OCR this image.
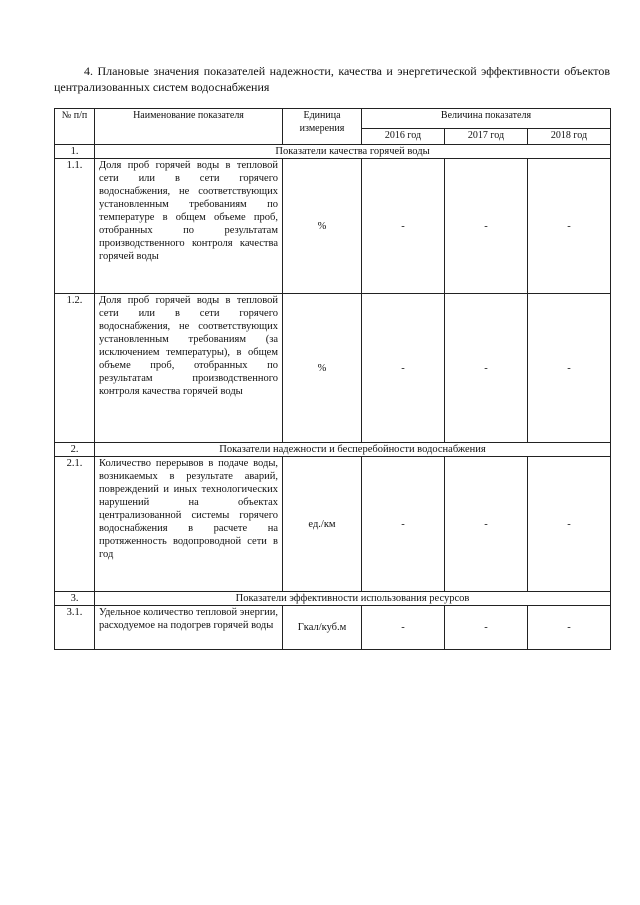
4. Плановые значения показателей надежности, качества и энергетической эффективности объектов централизованных систем водоснабжения
№ п/п	Наименование показателя	Единица измерения	Величина показателя		
			2016 год	2017 год	2018 год
1.	Показатели качества горячей воды				
1.1.	Доля проб горячей воды в тепловой сети или в сети горячего водоснабжения, не соответствующих установленным требованиям по температуре в общем объеме проб, отобранных по результатам производственного контроля качества горячей воды	%	-	-	-
1.2.	Доля проб горячей воды в тепловой сети или в сети горячего водоснабжения, не соответствующих установленным требованиям (за исключением температуры), в общем объеме проб, отобранных по результатам производственного контроля качества горячей воды	%	-	-	-
2.	Показатели надежности и бесперебойности водоснабжения				
2.1.	Количество перерывов в подаче воды, возникаемых в результате аварий, повреждений и иных технологических нарушений на объектах централизованной системы горячего водоснабжения в расчете на протяженность водопроводной сети в год	ед./км	-	-	-
3.	Показатели эффективности использования ресурсов				
3.1.	Удельное количество тепловой энергии, расходуемое на подогрев горячей воды	Гкал/куб.м	-	-	-
